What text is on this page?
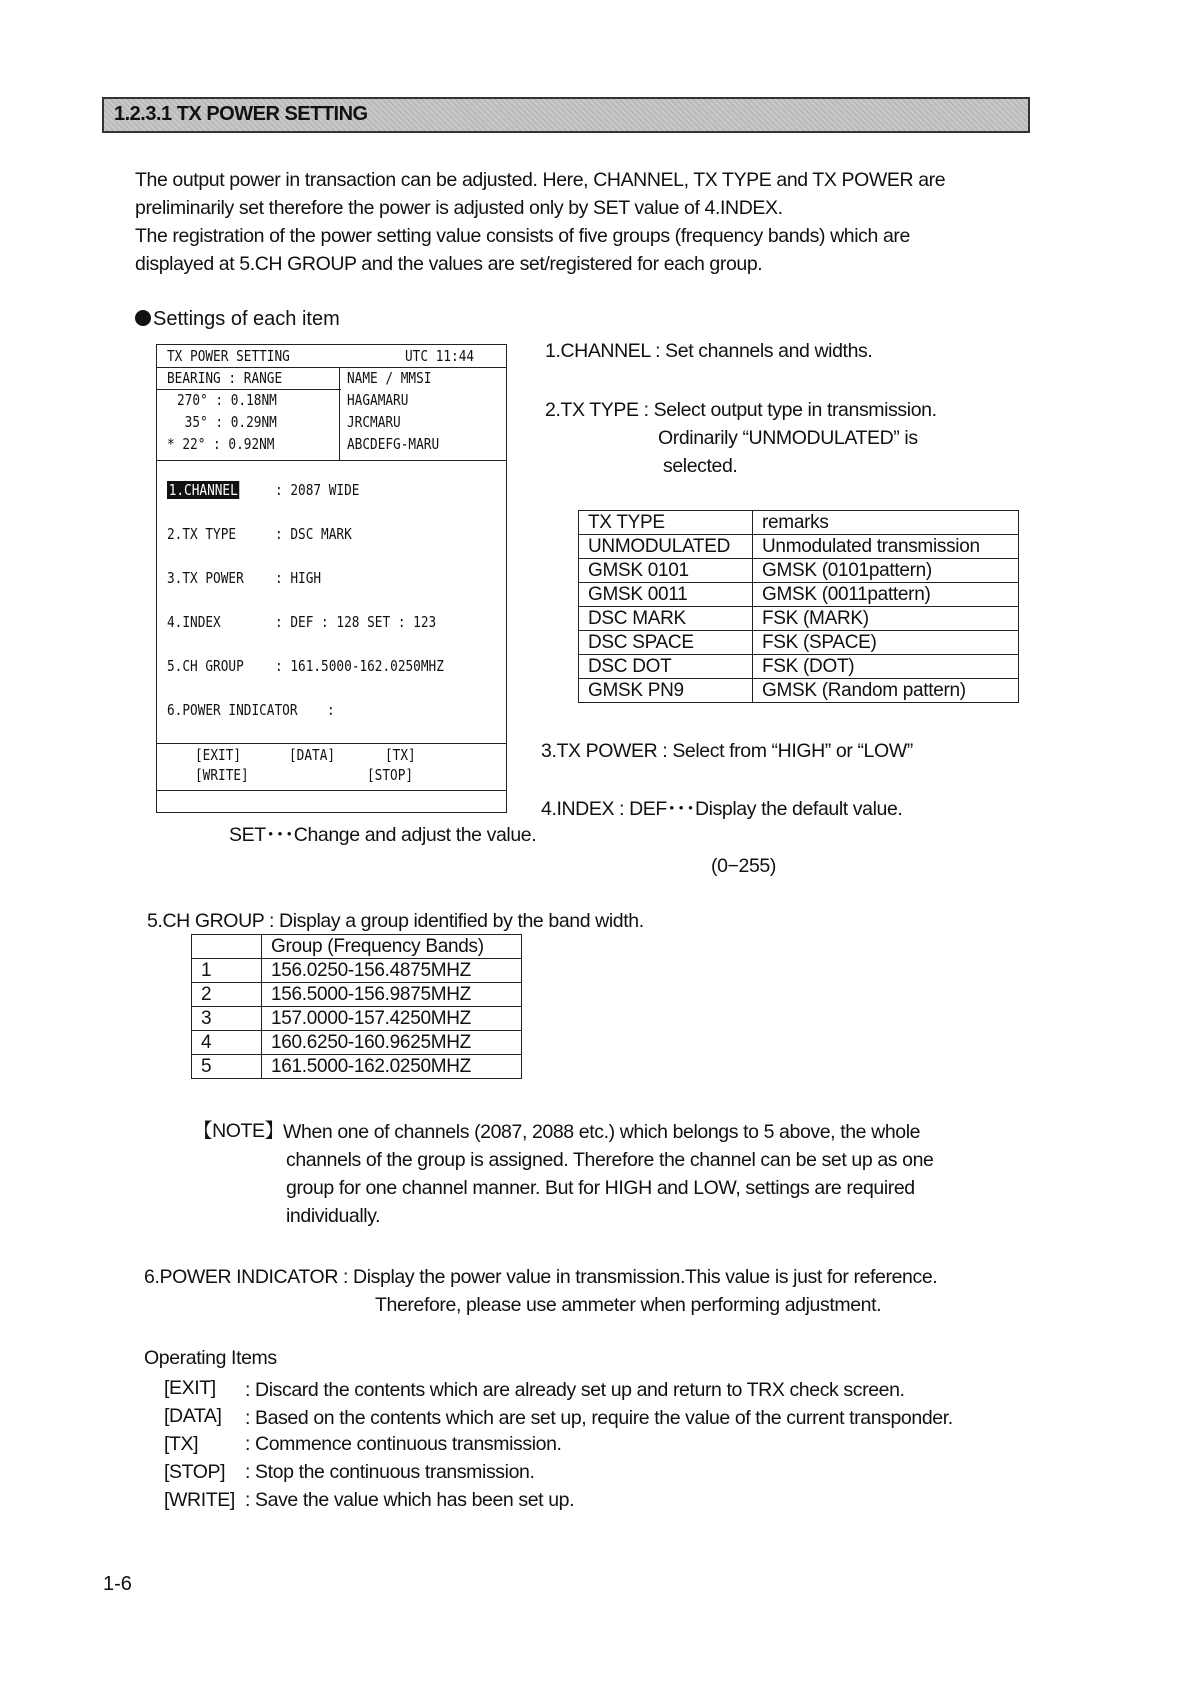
1.2.3.1 TX POWER SETTING
The output power in transaction can be adjusted. Here, CHANNEL, TX TYPE and TX POWER are
preliminarily set therefore the power is adjusted only by SET value of 4.INDEX.
The registration of the power setting value consists of five groups (frequency bands) which are
displayed at 5.CH GROUP and the values are set/registered for each group.
Settings of each item
TX POWER SETTING	UTC 11:44
BEARING : RANGE	NAME / MMSI
270° : 0.18NM	HAGAMARU
35° : 0.29NM	JRCMARU
* 22° : 0.92NM	ABCDEFG-MARU
1.CHANNEL : 2087 WIDE
2.TX TYPE	: DSC MARK
3.TX POWER : HIGH
4.INDEX	: DEF : 128 SET : 123
5.CH GROUP : 161.5000-162.0250MHZ
6.POWER INDICATOR :
[EXIT]	[DATA]	[TX]
[WRITE]	[STOP]
1.CHANNEL : Set channels and widths.
2.TX TYPE : Select output type in transmission.
Ordinarily “UNMODULATED” is
selected.
TX TYPE	remarks
UNMODULATED	Unmodulated transmission
GMSK 0101	GMSK (0101pattern)
GMSK 0011	GMSK (0011pattern)
DSC MARK	FSK (MARK)
DSC SPACE	FSK (SPACE)
DSC DOT	FSK (DOT)
GMSK PN9	GMSK (Random pattern)
3.TX POWER : Select from “HIGH” or “LOW”
4.INDEX : DEF･･･Display the default value.
SET･･･Change and adjust the value.
(0−255)
5.CH GROUP : Display a group identified by the band width.
	Group (Frequency Bands)
1	156.0250-156.4875MHZ
2	156.5000-156.9875MHZ
3	157.0000-157.4250MHZ
4	160.6250-160.9625MHZ
5	161.5000-162.0250MHZ
【NOTE】 When one of channels (2087, 2088 etc.) which belongs to 5 above, the whole
channels of the group is assigned. Therefore the channel can be set up as one
group for one channel manner. But for HIGH and LOW, settings are required
individually.
6.POWER INDICATOR : Display the power value in transmission.This value is just for reference.
Therefore, please use ammeter when performing adjustment.
Operating Items
[EXIT] : Discard the contents which are already set up and return to TRX check screen.
[DATA] : Based on the contents which are set up, require the value of the current transponder.
[TX] : Commence continuous transmission.
[STOP] : Stop the continuous transmission.
[WRITE] : Save the value which has been set up.
1-6
